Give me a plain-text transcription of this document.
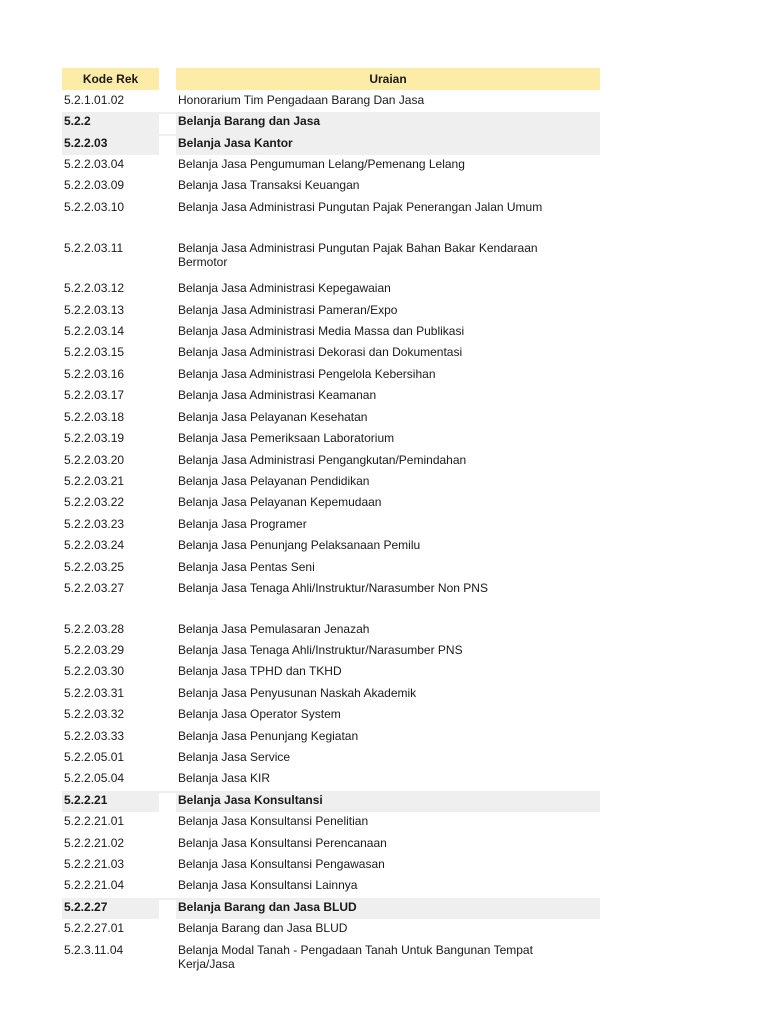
Kode Rek	Uraian
5.2.1.01.02	Honorarium Tim Pengadaan Barang Dan Jasa
5.2.2	Belanja Barang dan Jasa
5.2.2.03	Belanja Jasa Kantor
5.2.2.03.04	Belanja Jasa Pengumuman Lelang/Pemenang Lelang
5.2.2.03.09	Belanja Jasa Transaksi Keuangan
5.2.2.03.10	Belanja Jasa Administrasi Pungutan Pajak Penerangan Jalan Umum
5.2.2.03.11	Belanja Jasa Administrasi Pungutan Pajak Bahan Bakar Kendaraan Bermotor
5.2.2.03.12	Belanja Jasa Administrasi Kepegawaian
5.2.2.03.13	Belanja Jasa Administrasi Pameran/Expo
5.2.2.03.14	Belanja Jasa Administrasi Media Massa dan Publikasi
5.2.2.03.15	Belanja Jasa Administrasi Dekorasi dan Dokumentasi
5.2.2.03.16	Belanja Jasa Administrasi Pengelola Kebersihan
5.2.2.03.17	Belanja Jasa Administrasi Keamanan
5.2.2.03.18	Belanja Jasa Pelayanan Kesehatan
5.2.2.03.19	Belanja Jasa Pemeriksaan Laboratorium
5.2.2.03.20	Belanja Jasa Administrasi Pengangkutan/Pemindahan
5.2.2.03.21	Belanja Jasa Pelayanan Pendidikan
5.2.2.03.22	Belanja Jasa Pelayanan Kepemudaan
5.2.2.03.23	Belanja Jasa Programer
5.2.2.03.24	Belanja Jasa Penunjang Pelaksanaan Pemilu
5.2.2.03.25	Belanja Jasa Pentas Seni
5.2.2.03.27	Belanja Jasa Tenaga Ahli/Instruktur/Narasumber Non PNS
5.2.2.03.28	Belanja Jasa Pemulasaran Jenazah
5.2.2.03.29	Belanja Jasa Tenaga Ahli/Instruktur/Narasumber PNS
5.2.2.03.30	Belanja Jasa TPHD dan TKHD
5.2.2.03.31	Belanja Jasa Penyusunan Naskah Akademik
5.2.2.03.32	Belanja Jasa Operator System
5.2.2.03.33	Belanja Jasa Penunjang Kegiatan
5.2.2.05.01	Belanja Jasa Service
5.2.2.05.04	Belanja Jasa KIR
5.2.2.21	Belanja Jasa Konsultansi
5.2.2.21.01	Belanja Jasa Konsultansi Penelitian
5.2.2.21.02	Belanja Jasa Konsultansi Perencanaan
5.2.2.21.03	Belanja Jasa Konsultansi Pengawasan
5.2.2.21.04	Belanja Jasa Konsultansi Lainnya
5.2.2.27	Belanja Barang dan Jasa BLUD
5.2.2.27.01	Belanja Barang dan Jasa BLUD
5.2.3.11.04	Belanja Modal Tanah - Pengadaan Tanah Untuk Bangunan Tempat Kerja/Jasa
